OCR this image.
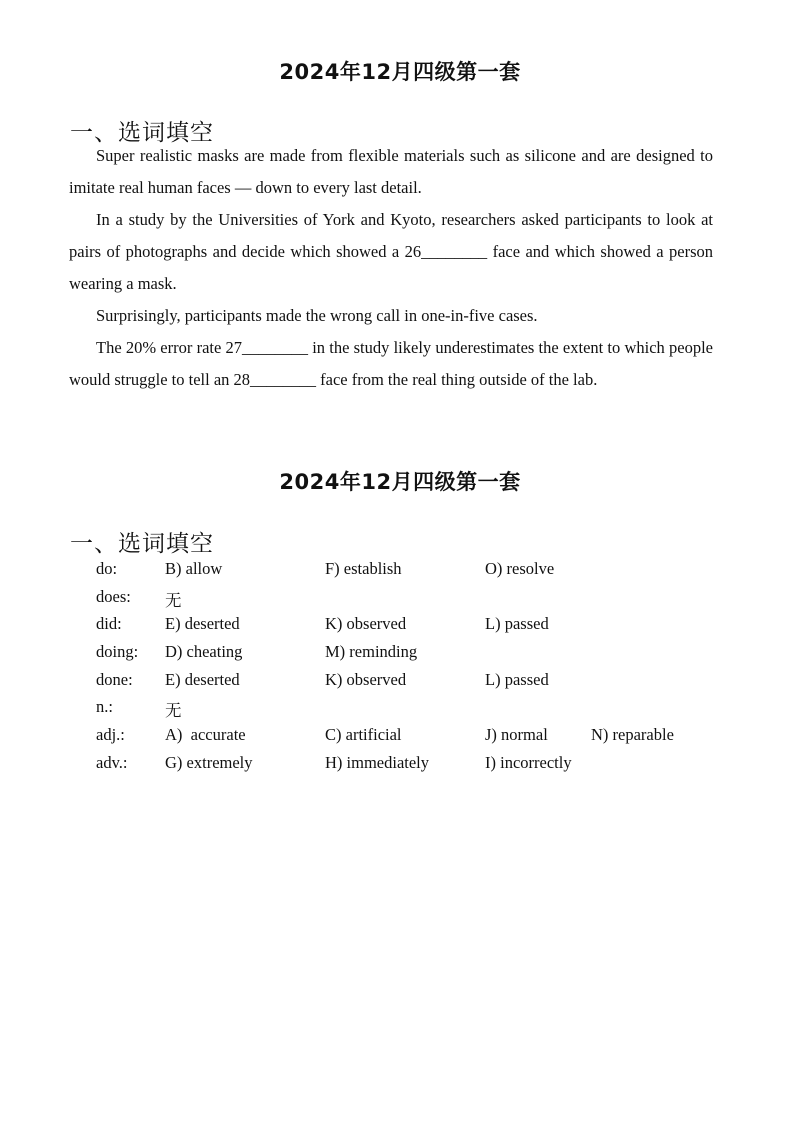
2024年12月四级第一套
一、选词填空

Super realistic masks are made from flexible materials such as silicone and are designed to imitate real human faces — down to every last detail.

In a study by the Universities of York and Kyoto, researchers asked participants to look at pairs of photographs and decide which showed a 26________ face and which showed a person wearing a mask.

Surprisingly, participants made the wrong call in one-in-five cases.

The 20% error rate 27________ in the study likely underestimates the extent to which people would struggle to tell an 28________ face from the real thing outside of the lab.

2024年12月四级第一套
一、选词填空
do:	B) allow	F) establish	O) resolve
does: 无
did:	E) deserted	K) observed	L) passed
doing: D) cheating	M) reminding
done: E) deserted	K) observed	L) passed
n.:	无
adj.: A)  accurate	C) artificial	J) normal	N) reparable
adv.: G) extremely	H) immediately	I) incorrectly
